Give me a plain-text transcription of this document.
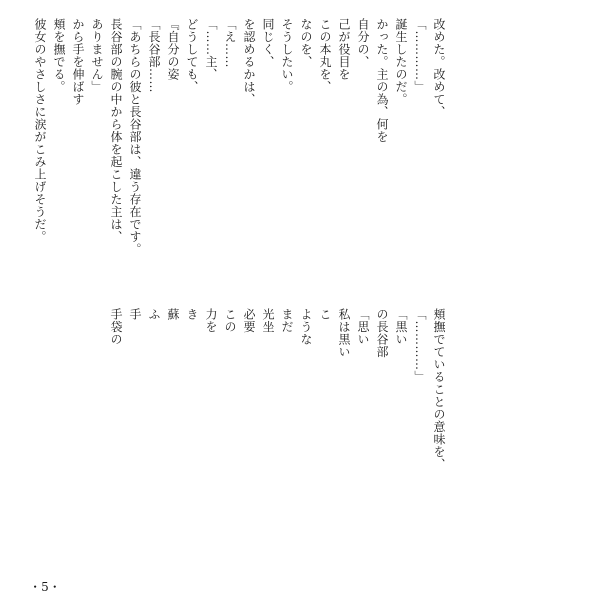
改めた。改めて、
「…………」
誕生したのだ。
かった。主の為、何を
自分の、
己が役目を
この本丸を、
なのを、
そうしたい。
同じく、
を認めるかは、
「え……
「……主、
どうしても、
『自分の姿
「長谷部……
「あちらの彼と長谷部は、違う存在です。
長谷部の腕の中から体を起こした主は、
ありません」
から手を伸ばす
頬を撫でる。
彼女のやさしさに涙がこみ上げそうだ。
頬撫でていることの意味を、
「…………」
「黒い
の長谷部
「思い
私は黒い
こ
ような
まだ
光坐
必要
この
力を
き
蘇
ふ
手
手袋の
・5・
